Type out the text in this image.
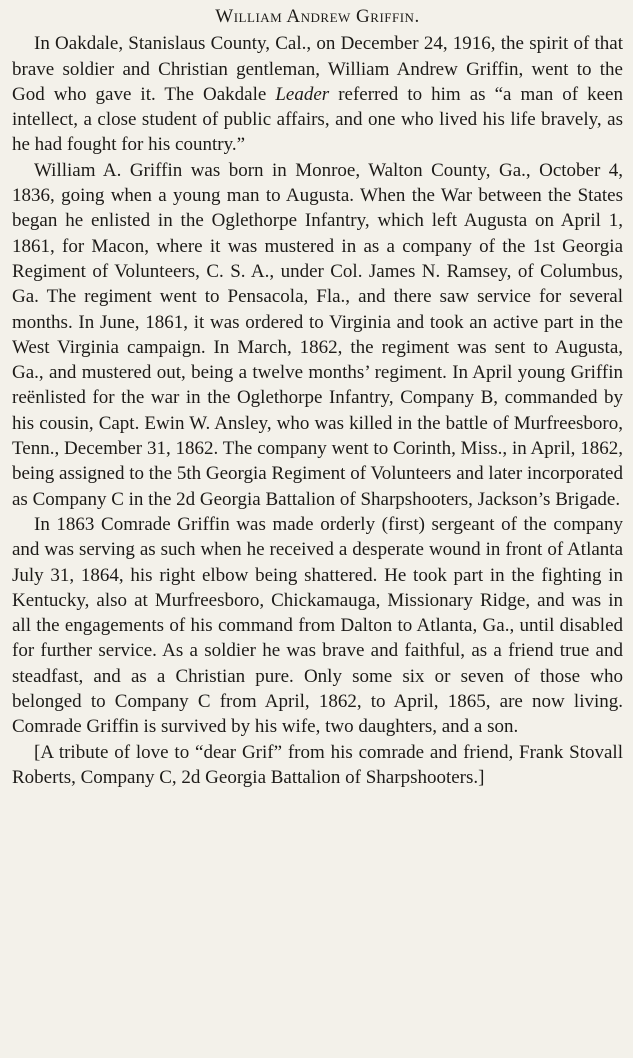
William Andrew Griffin.

In Oakdale, Stanislaus County, Cal., on December 24, 1916, the spirit of that brave soldier and Christian gentleman, William Andrew Griffin, went to the God who gave it. The Oakdale Leader referred to him as “a man of keen intellect, a close student of public affairs, and one who lived his life bravely, as he had fought for his country.”

William A. Griffin was born in Monroe, Walton County, Ga., October 4, 1836, going when a young man to Augusta. When the War between the States began he enlisted in the Oglethorpe Infantry, which left Augusta on April 1, 1861, for Macon, where it was mustered in as a company of the 1st Georgia Regiment of Volunteers, C. S. A., under Col. James N. Ramsey, of Columbus, Ga. The regiment went to Pensacola, Fla., and there saw service for several months. In June, 1861, it was ordered to Virginia and took an active part in the West Virginia campaign. In March, 1862, the regiment was sent to Augusta, Ga., and mustered out, being a twelve months’ regiment. In April young Griffin reënlisted for the war in the Oglethorpe Infantry, Company B, commanded by his cousin, Capt. Ewin W. Ansley, who was killed in the battle of Murfreesboro, Tenn., December 31, 1862. The company went to Corinth, Miss., in April, 1862, being assigned to the 5th Georgia Regiment of Volunteers and later incorporated as Company C in the 2d Georgia Battalion of Sharpshooters, Jackson’s Brigade.

In 1863 Comrade Griffin was made orderly (first) sergeant of the company and was serving as such when he received a desperate wound in front of Atlanta July 31, 1864, his right elbow being shattered. He took part in the fighting in Kentucky, also at Murfreesboro, Chickamauga, Missionary Ridge, and was in all the engagements of his command from Dalton to Atlanta, Ga., until disabled for further service. As a soldier he was brave and faithful, as a friend true and steadfast, and as a Christian pure. Only some six or seven of those who belonged to Company C from April, 1862, to April, 1865, are now living. Comrade Griffin is survived by his wife, two daughters, and a son.

[A tribute of love to “dear Grif” from his comrade and friend, Frank Stovall Roberts, Company C, 2d Georgia Battalion of Sharpshooters.]
